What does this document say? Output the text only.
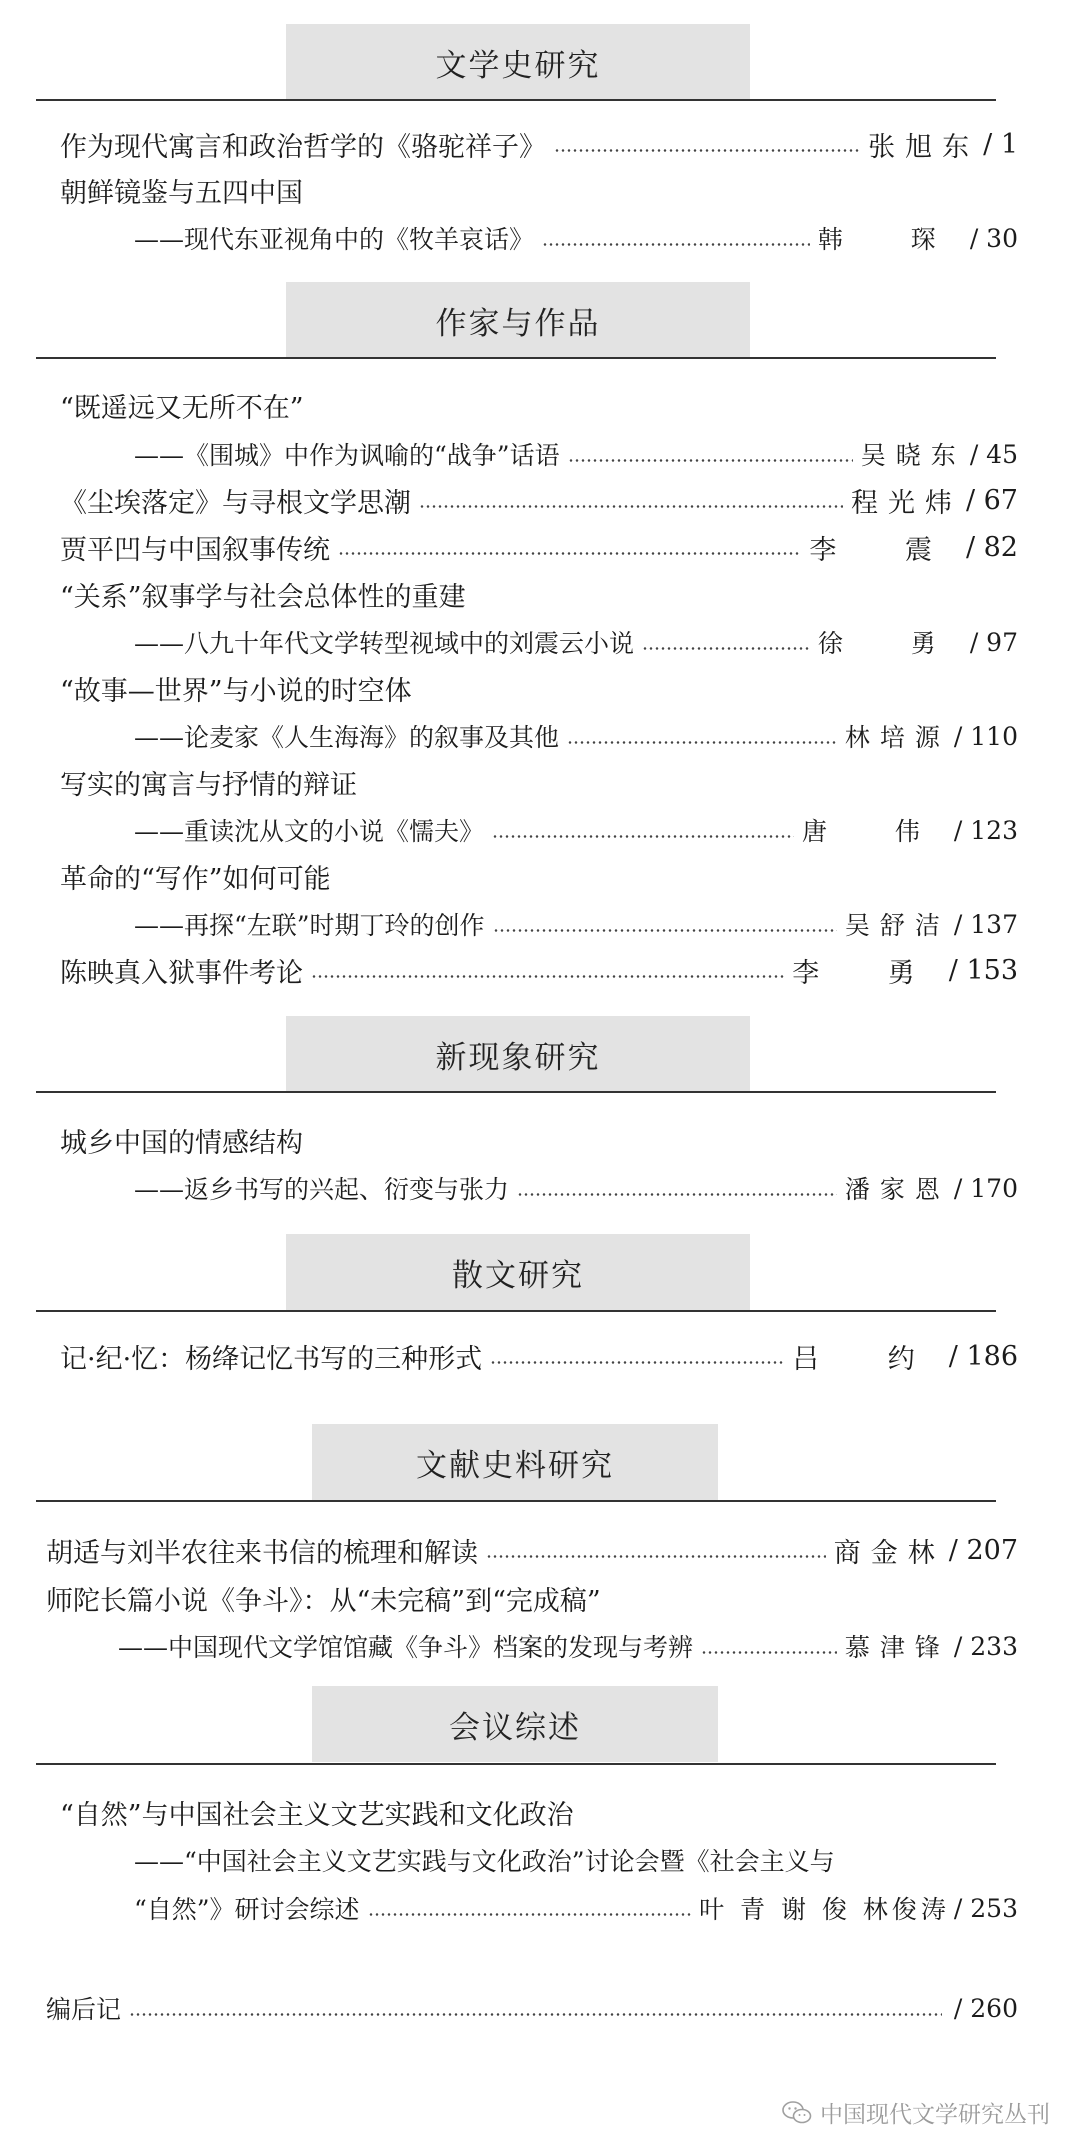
文学史研究
作为现代寓言和政治哲学的《骆驼祥子》	张旭东 / 1
朝鲜镜鉴与五四中国
——现代东亚视角中的《牧羊哀话》	韩 琛 / 30
作家与作品
“既遥远又无所不在”
——《围城》中作为讽喻的“战争”话语	吴晓东 / 45
《尘埃落定》与寻根文学思潮	程光炜 / 67
贾平凹与中国叙事传统	李 震 / 82
“关系”叙事学与社会总体性的重建
——八九十年代文学转型视域中的刘震云小说	徐 勇 / 97
“故事—世界”与小说的时空体
——论麦家《人生海海》的叙事及其他	林培源 / 110
写实的寓言与抒情的辩证
——重读沈从文的小说《懦夫》	唐 伟 / 123
革命的“写作”如何可能
——再探“左联”时期丁玲的创作	吴舒洁 / 137
陈映真入狱事件考论	李 勇 / 153
新现象研究
城乡中国的情感结构
——返乡书写的兴起、衍变与张力	潘家恩 / 170
散文研究
记·纪·忆：杨绛记忆书写的三种形式	吕 约 / 186
文献史料研究
胡适与刘半农往来书信的梳理和解读	商金林 / 207
师陀长篇小说《争斗》：从“未完稿”到“完成稿”
——中国现代文学馆馆藏《争斗》档案的发现与考辨	慕津锋 / 233
会议综述
“自然”与中国社会主义文艺实践和文化政治
——“中国社会主义文艺实践与文化政治”讨论会暨《社会主义与
“自然”》研讨会综述	叶 青 谢 俊 林俊涛 / 253
编后记	/ 260
中国现代文学研究丛刊
